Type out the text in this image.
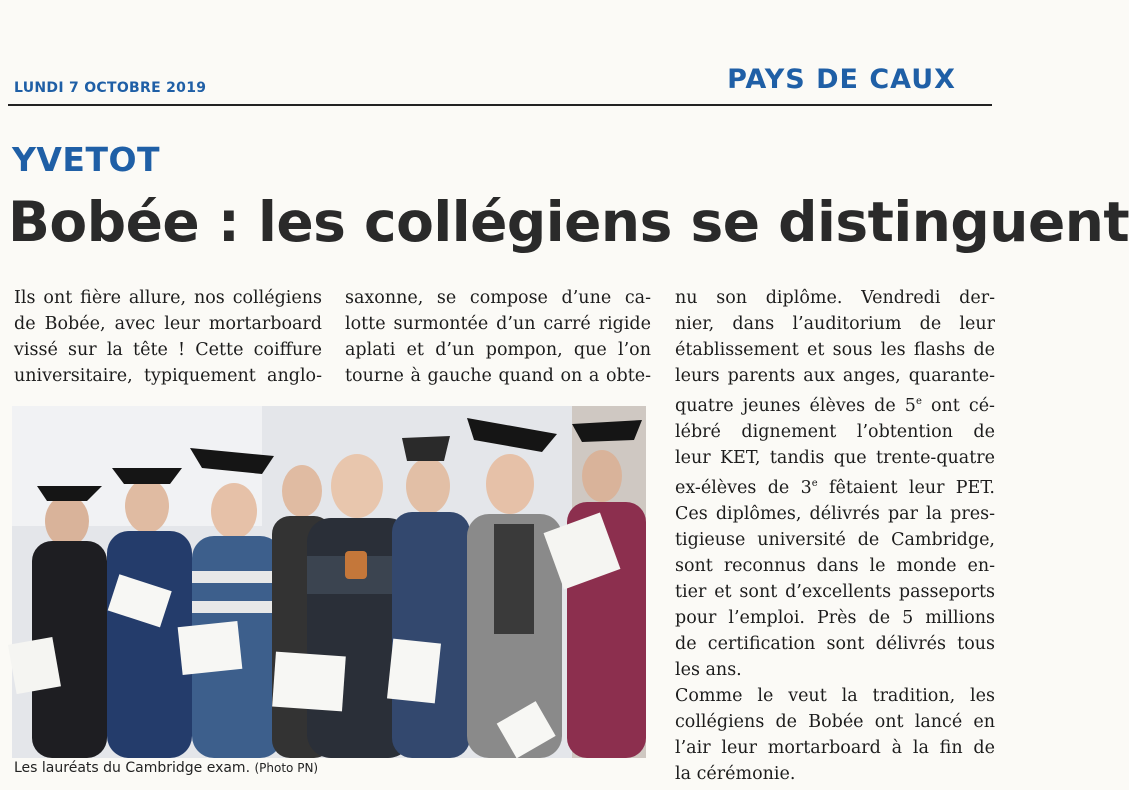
LUNDI 7 OCTOBRE 2019	PAYS DE CAUX
YVETOT
Bobée : les collégiens se distinguent
Ils ont fière allure, nos collégiens
de Bobée, avec leur mortarboard
vissé sur la tête ! Cette coiffure
universitaire, typiquement anglo-
saxonne, se compose d’une ca-
lotte surmontée d’un carré rigide
aplati et d’un pompon, que l’on
tourne à gauche quand on a obte-
nu son diplôme. Vendredi der-
nier, dans l’auditorium de leur
établissement et sous les flashs de
leurs parents aux anges, quarante-
quatre jeunes élèves de 5e ont cé-
lébré dignement l’obtention de
leur KET, tandis que trente-quatre
ex-élèves de 3e fêtaient leur PET.
Ces diplômes, délivrés par la pres-
tigieuse université de Cambridge,
sont reconnus dans le monde en-
tier et sont d’excellents passeports
pour l’emploi. Près de 5 millions
de certification sont délivrés tous
les ans.
Comme le veut la tradition, les
collégiens de Bobée ont lancé en
l’air leur mortarboard à la fin de
la cérémonie.
Les lauréats du Cambridge exam. (Photo PN)
